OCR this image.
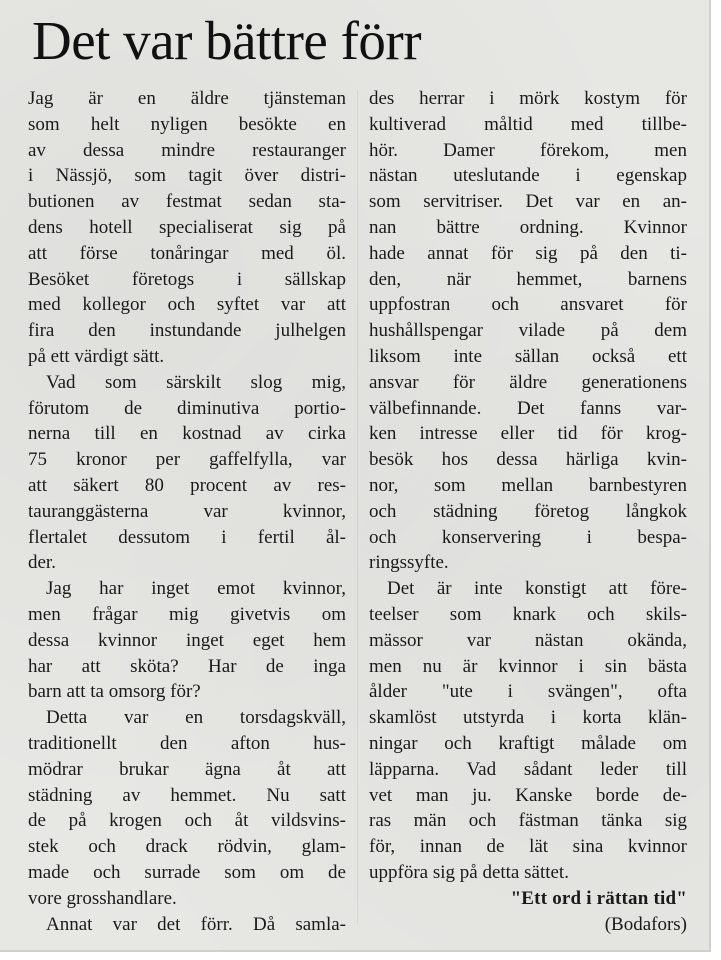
Det var bättre förr
Jag är en äldre tjänsteman
som helt nyligen besökte en
av dessa mindre restauranger
i Nässjö, som tagit över distri-
butionen av festmat sedan sta-
dens hotell specialiserat sig på
att förse tonåringar med öl.
Besöket företogs i sällskap
med kollegor och syftet var att
fira den instundande julhelgen
på ett värdigt sätt.
Vad som särskilt slog mig,
förutom de diminutiva portio-
nerna till en kostnad av cirka
75 kronor per gaffelfylla, var
att säkert 80 procent av res-
tauranggästerna var kvinnor,
flertalet dessutom i fertil ål-
der.
Jag har inget emot kvinnor,
men frågar mig givetvis om
dessa kvinnor inget eget hem
har att sköta? Har de inga
barn att ta omsorg för?
Detta var en torsdagskväll,
traditionellt den afton hus-
mödrar brukar ägna åt att
städning av hemmet. Nu satt
de på krogen och åt vildsvins-
stek och drack rödvin, glam-
made och surrade som om de
vore grosshandlare.
Annat var det förr. Då samla-
des herrar i mörk kostym för
kultiverad måltid med tillbe-
hör. Damer förekom, men
nästan uteslutande i egenskap
som servitriser. Det var en an-
nan bättre ordning. Kvinnor
hade annat för sig på den ti-
den, när hemmet, barnens
uppfostran och ansvaret för
hushållspengar vilade på dem
liksom inte sällan också ett
ansvar för äldre generationens
välbefinnande. Det fanns var-
ken intresse eller tid för krog-
besök hos dessa härliga kvin-
nor, som mellan barnbestyren
och städning företog långkok
och konservering i bespa-
ringssyfte.
Det är inte konstigt att före-
teelser som knark och skils-
mässor var nästan okända,
men nu är kvinnor i sin bästa
ålder "ute i svängen", ofta
skamlöst utstyrda i korta klän-
ningar och kraftigt målade om
läpparna. Vad sådant leder till
vet man ju. Kanske borde de-
ras män och fästman tänka sig
för, innan de lät sina kvinnor
uppföra sig på detta sättet.
"Ett ord i rättan tid"
(Bodafors)
